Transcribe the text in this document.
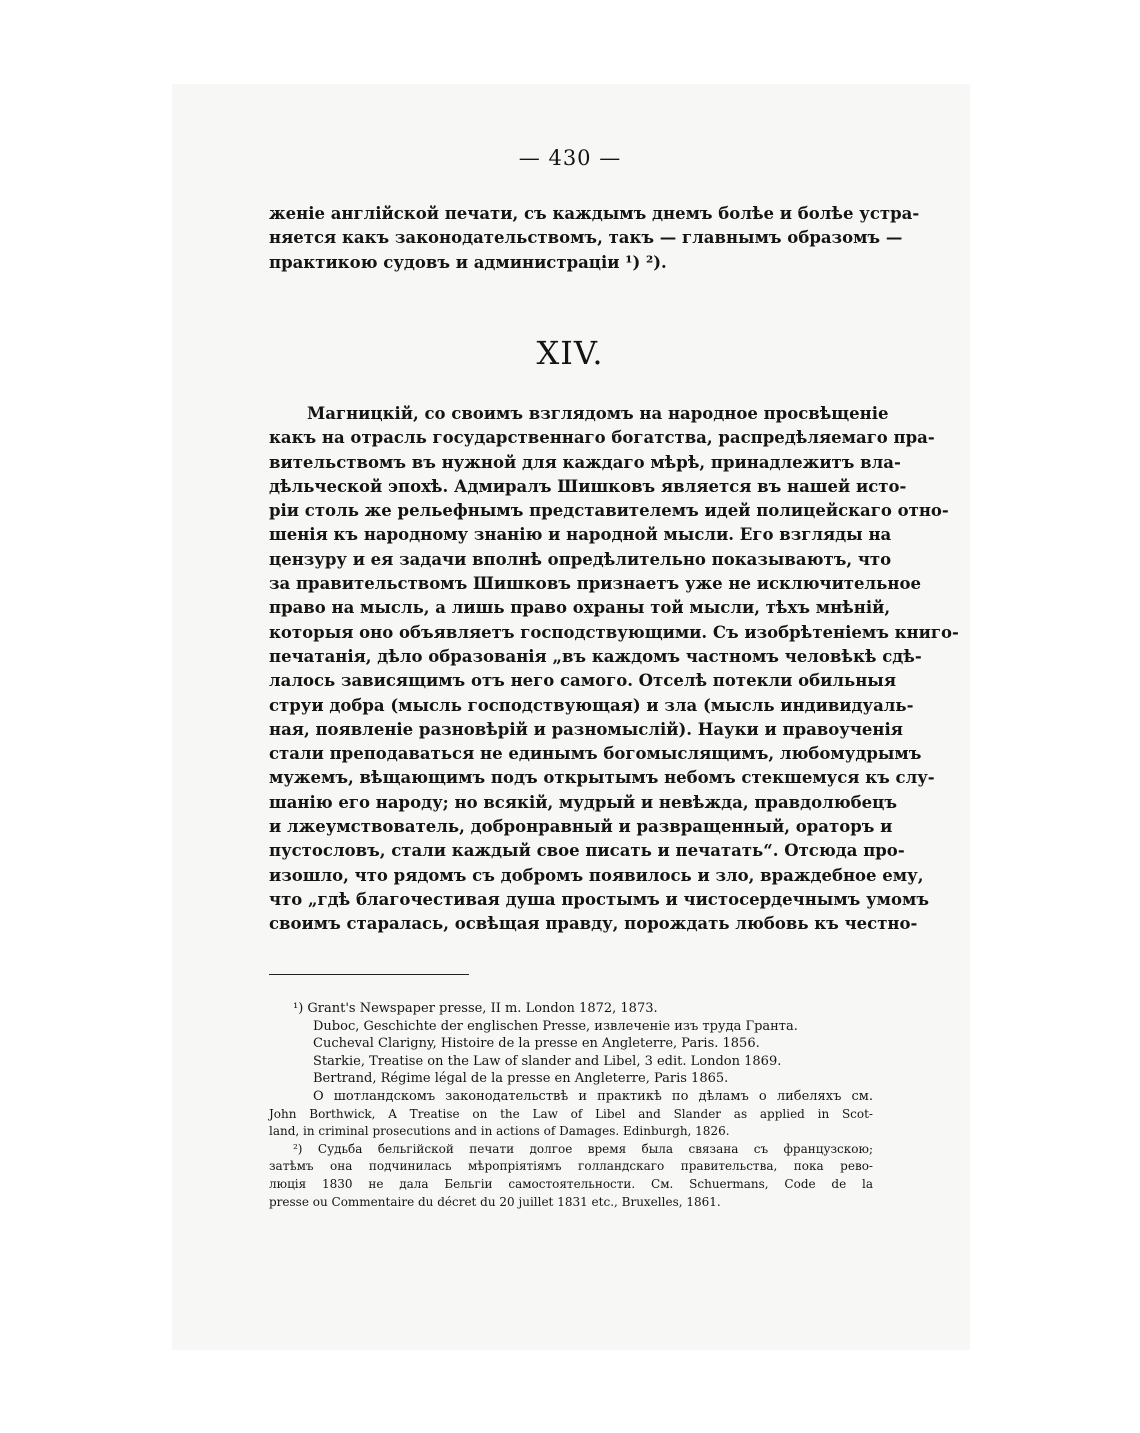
— 430 —
женіе англійской печати, съ каждымъ днемъ болѣе и болѣе устра-
няется какъ законодательствомъ, такъ — главнымъ образомъ —
практикою судовъ и администраціи ¹) ²).
XIV.
Магницкій, со своимъ взглядомъ на народное просвѣщеніе
какъ на отрасль государственнаго богатства, распредѣляемаго пра-
вительствомъ въ нужной для каждаго мѣрѣ, принадлежитъ вла-
дѣльческой эпохѣ. Адмиралъ Шишковъ является въ нашей исто-
ріи столь же рельефнымъ представителемъ идей полицейскаго отно-
шенія къ народному знанію и народной мысли. Его взгляды на
цензуру и ея задачи вполнѣ опредѣлительно показываютъ, что
за правительствомъ Шишковъ признаетъ уже не исключительное
право на мысль, а лишь право охраны той мысли, тѣхъ мнѣній,
которыя оно объявляетъ господствующими. Съ изобрѣтеніемъ книго-
печатанія, дѣло образованія „въ каждомъ частномъ человѣкѣ сдѣ-
лалось зависящимъ отъ него самого. Отселѣ потекли обильныя
струи добра (мысль господствующая) и зла (мысль индивидуаль-
ная, появленіе разновѣрій и разномыслій). Науки и правоученія
стали преподаваться не единымъ богомыслящимъ, любомудрымъ
мужемъ, вѣщающимъ подъ открытымъ небомъ стекшемуся къ слу-
шанію его народу; но всякій, мудрый и невѣжда, правдолюбецъ
и лжеумствователь, добронравный и развращенный, ораторъ и
пустословъ, стали каждый свое писать и печатать“. Отсюда про-
изошло, что рядомъ съ добромъ появилось и зло, враждебное ему,
что „гдѣ благочестивая душа простымъ и чистосердечнымъ умомъ
своимъ старалась, освѣщая правду, порождать любовь къ честно-
¹) Grant's Newspaper presse, II m. London 1872, 1873.
Duboc, Geschichte der englischen Presse, извлеченіе изъ труда Гранта.
Cucheval Clarigny, Histoire de la presse en Angleterre, Paris. 1856.
Starkie, Treatise on the Law of slander and Libel, 3 edit. London 1869.
Bertrand, Régime légal de la presse en Angleterre, Paris 1865.
О шотландскомъ законодательствѣ и практикѣ по дѣламъ о либеляхъ см.
John Borthwick, A Treatise on the Law of Libel and Slander as applied in Scot-
land, in criminal prosecutions and in actions of Damages. Edinburgh, 1826.
²) Судьба бельгійской печати долгое время была связана съ французскою;
затѣмъ она подчинилась мѣропріятіямъ голландскаго правительства, пока рево-
люція 1830 не дала Бельгіи самостоятельности. См. Schuermans, Code de la
presse ou Commentaire du décret du 20 juillet 1831 etc., Bruxelles, 1861.
